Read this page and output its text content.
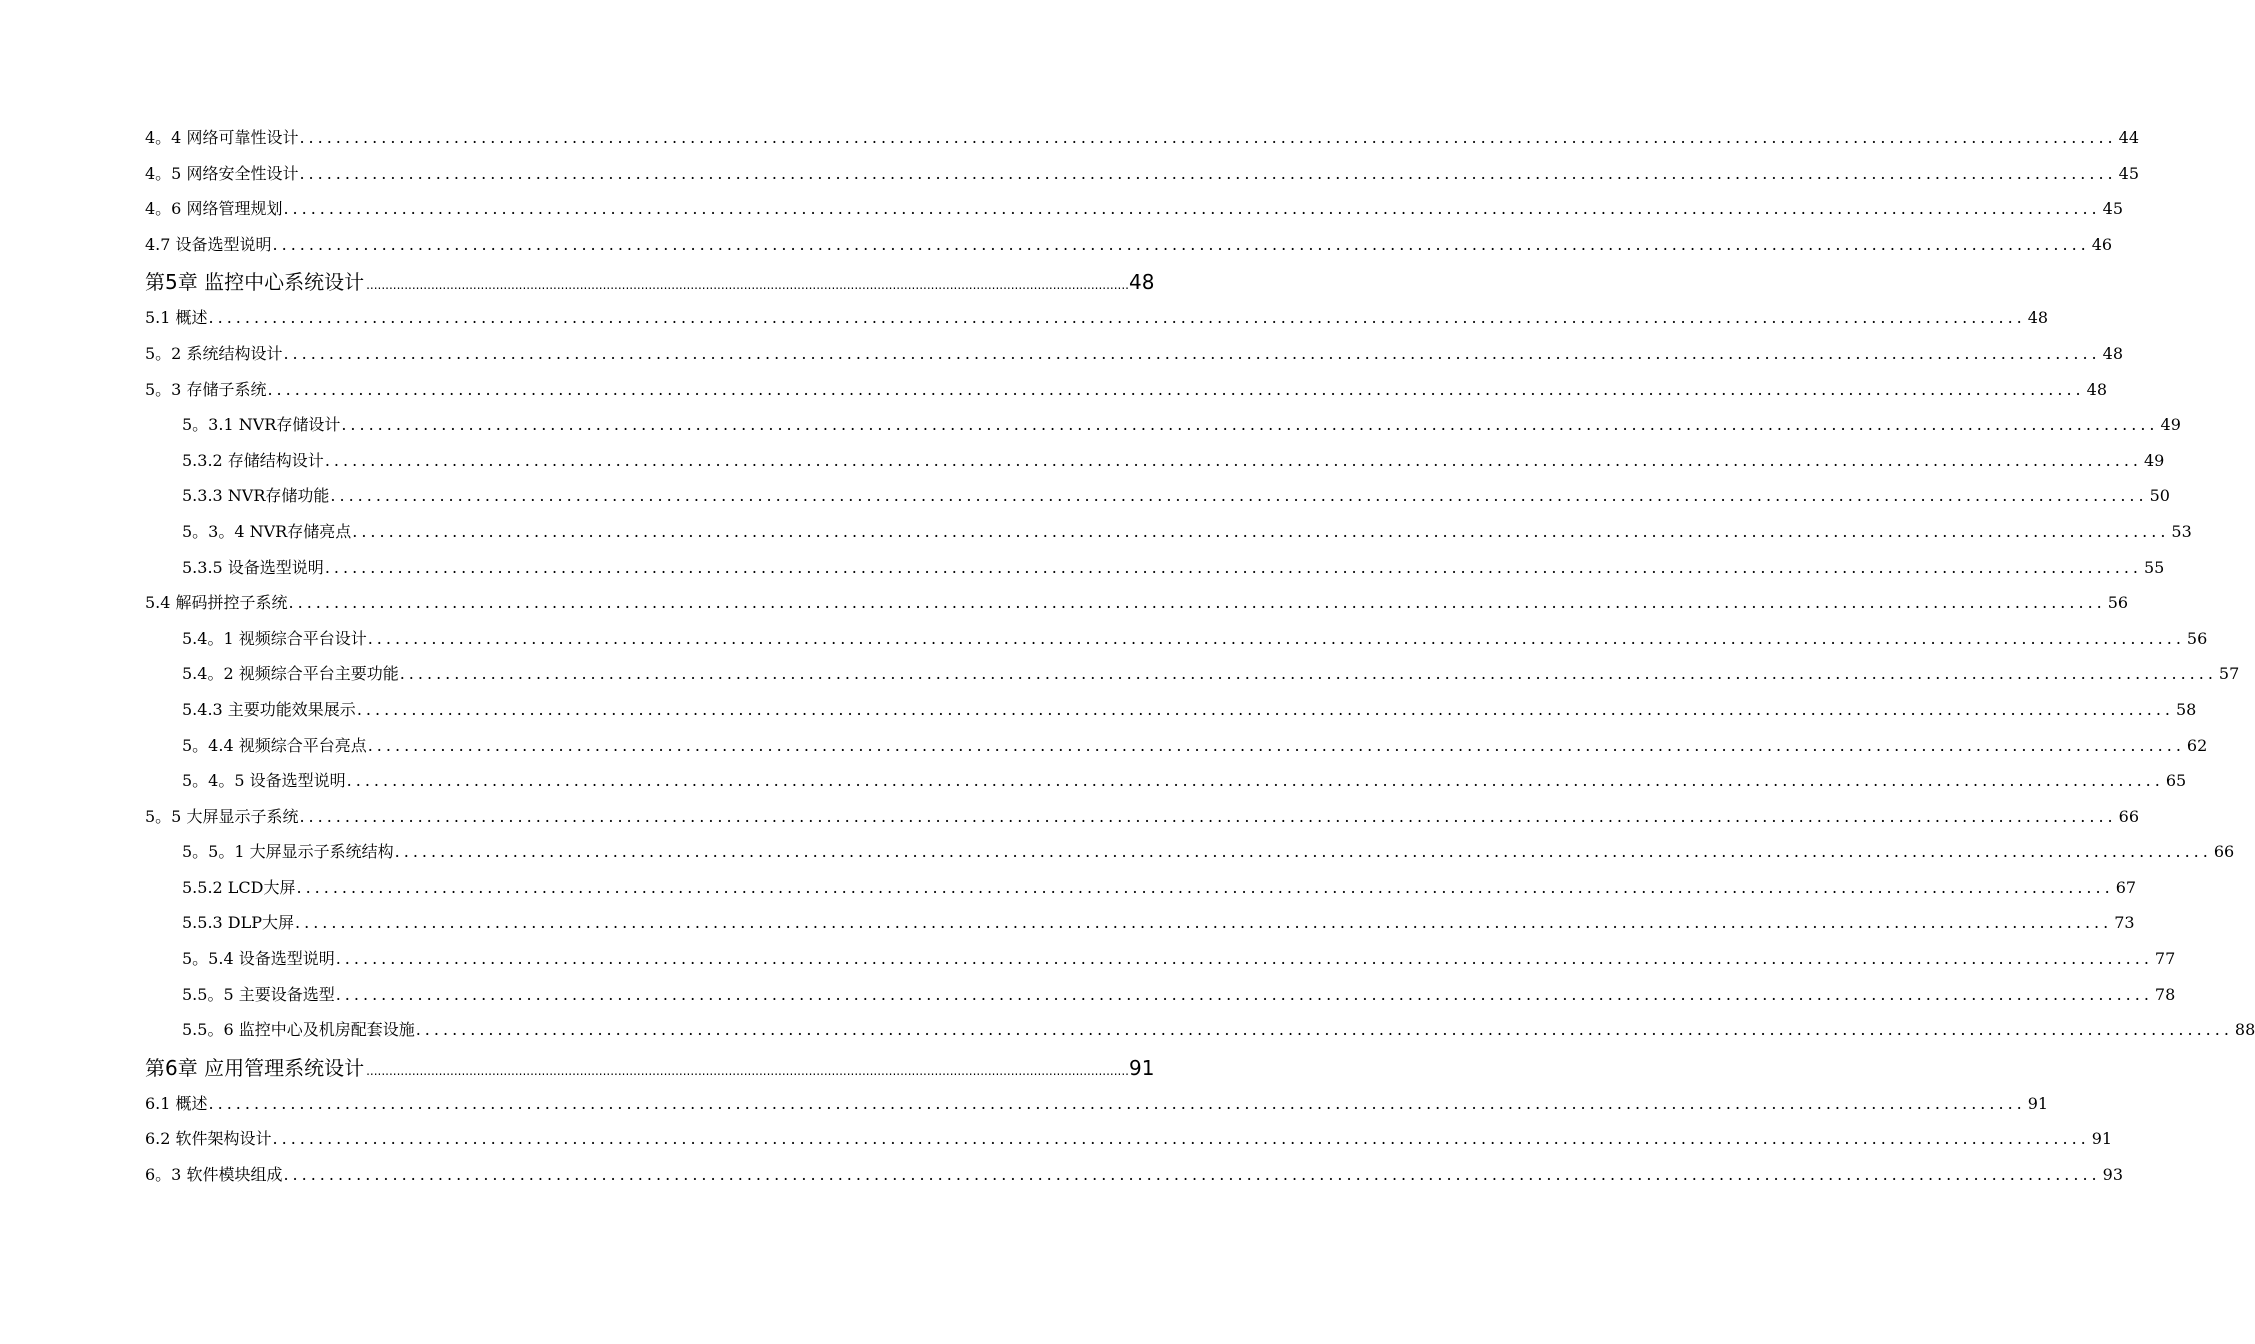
4。4 网络可靠性设计 ........................................................................................................................................................................................................ 44
4。5 网络安全性设计 ........................................................................................................................................................................................................ 45
4。6 网络管理规划 ........................................................................................................................................................................................................ 45
4.7 设备选型说明 ........................................................................................................................................................................................................ 46
第5章 监控中心系统设计 ........................................................................................................................................................................................................ 48
5.1 概述 ........................................................................................................................................................................................................ 48
5。2 系统结构设计 ........................................................................................................................................................................................................ 48
5。3 存储子系统 ........................................................................................................................................................................................................ 48
5。3.1 NVR存储设计 ........................................................................................................................................................................................................ 49
5.3.2 存储结构设计 ........................................................................................................................................................................................................ 49
5.3.3 NVR存储功能 ........................................................................................................................................................................................................ 50
5。3。4 NVR存储亮点 ........................................................................................................................................................................................................ 53
5.3.5 设备选型说明 ........................................................................................................................................................................................................ 55
5.4 解码拼控子系统 ........................................................................................................................................................................................................ 56
5.4。1 视频综合平台设计 ........................................................................................................................................................................................................ 56
5.4。2 视频综合平台主要功能 ........................................................................................................................................................................................................ 57
5.4.3 主要功能效果展示 ........................................................................................................................................................................................................ 58
5。4.4 视频综合平台亮点 ........................................................................................................................................................................................................ 62
5。4。5 设备选型说明 ........................................................................................................................................................................................................ 65
5。5 大屏显示子系统 ........................................................................................................................................................................................................ 66
5。5。1 大屏显示子系统结构 ........................................................................................................................................................................................................ 66
5.5.2 LCD大屏 ........................................................................................................................................................................................................ 67
5.5.3 DLP大屏 ........................................................................................................................................................................................................ 73
5。5.4 设备选型说明 ........................................................................................................................................................................................................ 77
5.5。5 主要设备选型 ........................................................................................................................................................................................................ 78
5.5。6 监控中心及机房配套设施 ........................................................................................................................................................................................................ 88
第6章 应用管理系统设计 ........................................................................................................................................................................................................ 91
6.1 概述 ........................................................................................................................................................................................................ 91
6.2 软件架构设计 ........................................................................................................................................................................................................ 91
6。3 软件模块组成 ........................................................................................................................................................................................................ 93
